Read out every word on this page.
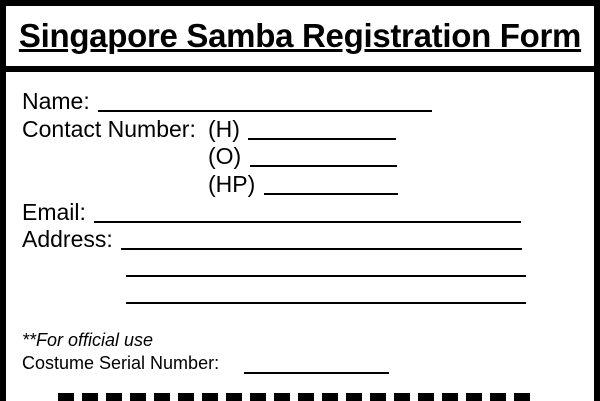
Singapore Samba Registration Form
Name:
Contact Number: (H)
(O)
(HP)
Email:
Address:
**For official use
Costume Serial Number:
